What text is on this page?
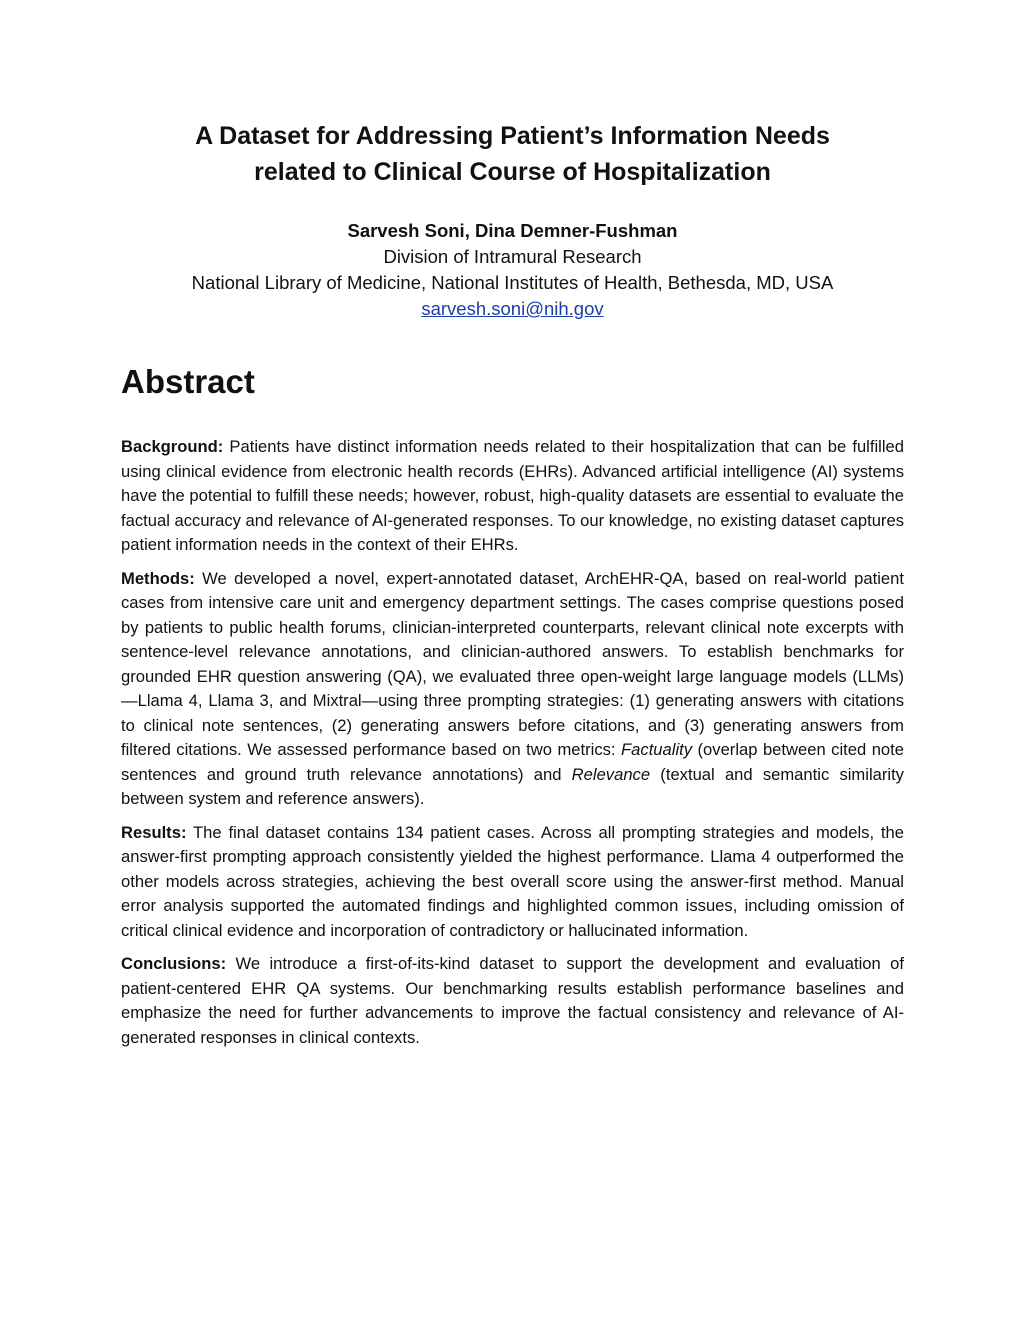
A Dataset for Addressing Patient’s Information Needs
related to Clinical Course of Hospitalization
Sarvesh Soni, Dina Demner-Fushman
Division of Intramural Research
National Library of Medicine, National Institutes of Health, Bethesda, MD, USA
sarvesh.soni@nih.gov
Abstract

Background: Patients have distinct information needs related to their hospitalization that can be fulfilled using clinical evidence from electronic health records (EHRs). Advanced artificial intelligence (AI) systems have the potential to fulfill these needs; however, robust, high-quality datasets are essential to evaluate the factual accuracy and relevance of AI-generated responses. To our knowledge, no existing dataset captures patient information needs in the context of their EHRs.

Methods: We developed a novel, expert-annotated dataset, ArchEHR-QA, based on real-world patient cases from intensive care unit and emergency department settings. The cases comprise questions posed by patients to public health forums, clinician-interpreted counterparts, relevant clinical note excerpts with sentence-level relevance annotations, and clinician-authored answers. To establish benchmarks for grounded EHR question answering (QA), we evaluated three open-weight large language models (LLMs)—Llama 4, Llama 3, and Mixtral—using three prompting strategies: (1) generating answers with citations to clinical note sentences, (2) generating answers before citations, and (3) generating answers from filtered citations. We assessed performance based on two metrics: Factuality (overlap between cited note sentences and ground truth relevance annotations) and Relevance (textual and semantic similarity between system and reference answers).

Results: The final dataset contains 134 patient cases. Across all prompting strategies and models, the answer-first prompting approach consistently yielded the highest performance. Llama 4 outperformed the other models across strategies, achieving the best overall score using the answer-first method. Manual error analysis supported the automated findings and highlighted common issues, including omission of critical clinical evidence and incorporation of contradictory or hallucinated information.

Conclusions: We introduce a first-of-its-kind dataset to support the development and evaluation of patient-centered EHR QA systems. Our benchmarking results establish performance baselines and emphasize the need for further advancements to improve the factual consistency and relevance of AI-generated responses in clinical contexts.
